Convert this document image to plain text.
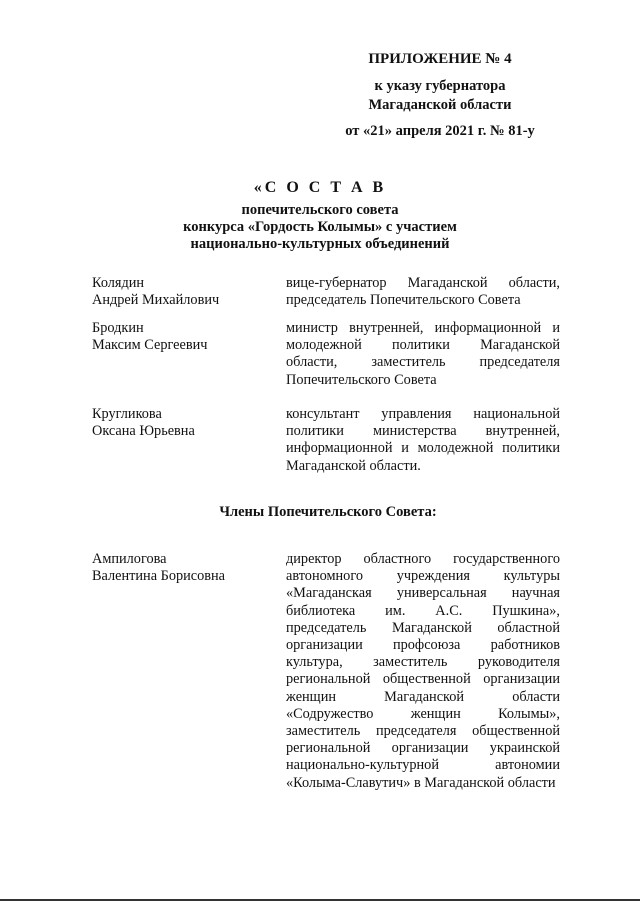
ПРИЛОЖЕНИЕ № 4
к указу губернатора
Магаданской области
от «21» апреля 2021 г. № 81-у
«С О С Т А В
попечительского совета
конкурса «Гордость Колымы» с участием
национально-культурных объединений
Колядин
Андрей Михайлович
вице-губернатор Магаданской области, председатель Попечительского Совета
Бродкин
Максим Сергеевич
министр внутренней, информационной и молодежной политики Магаданской области, заместитель председателя Попечительского Совета
Кругликова
Оксана Юрьевна
консультант управления национальной политики министерства внутренней, информационной и молодежной политики Магаданской области.
Члены Попечительского Совета:
Ампилогова
Валентина Борисовна
директор областного государственного автономного учреждения культуры «Магаданская универсальная научная библиотека им. А.С. Пушкина», председатель Магаданской областной организации профсоюза работников культура, заместитель руководителя региональной общественной организации женщин Магаданской области «Содружество женщин Колымы», заместитель председателя общественной региональной организации украинской национально-культурной автономии «Колыма-Славутич» в Магаданской области
